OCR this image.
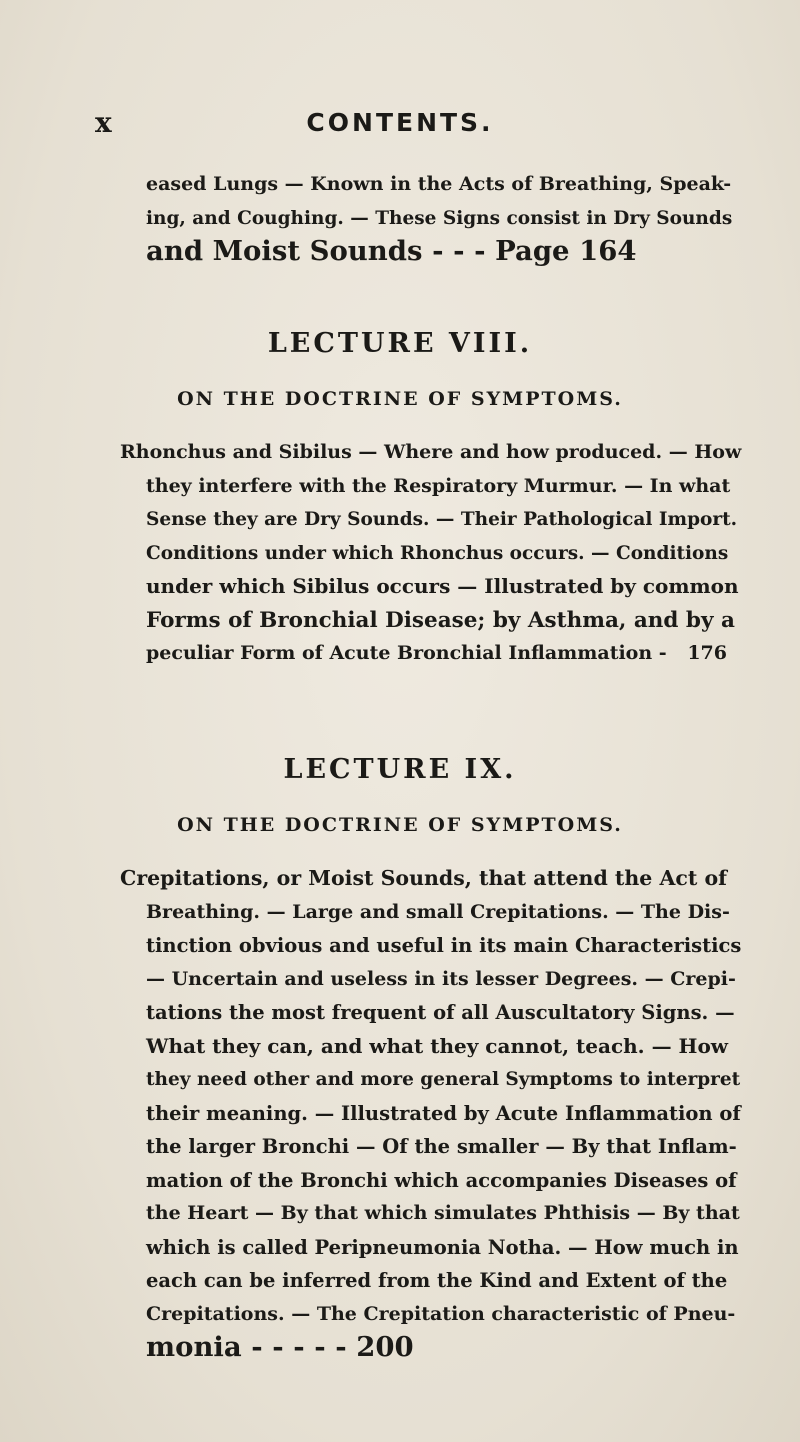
x	CONTENTS.
eased Lungs — Known in the Acts of Breathing, Speak-
ing, and Coughing. — These Signs consist in Dry Sounds
and Moist Sounds - - - Page 164
LECTURE VIII.
ON THE DOCTRINE OF SYMPTOMS.
Rhonchus and Sibilus — Where and how produced. — How
they interfere with the Respiratory Murmur. — In what
Sense they are Dry Sounds. — Their Pathological Import.
Conditions under which Rhonchus occurs. — Conditions
under which Sibilus occurs — Illustrated by common
Forms of Bronchial Disease; by Asthma, and by a
peculiar Form of Acute Bronchial Inflammation - 176
LECTURE IX.
ON THE DOCTRINE OF SYMPTOMS.
Crepitations, or Moist Sounds, that attend the Act of
Breathing. — Large and small Crepitations. — The Dis-
tinction obvious and useful in its main Characteristics
— Uncertain and useless in its lesser Degrees. — Crepi-
tations the most frequent of all Auscultatory Signs. —
What they can, and what they cannot, teach. — How
they need other and more general Symptoms to interpret
their meaning. — Illustrated by Acute Inflammation of
the larger Bronchi — Of the smaller — By that Inflam-
mation of the Bronchi which accompanies Diseases of
the Heart — By that which simulates Phthisis — By that
which is called Peripneumonia Notha. — How much in
each can be inferred from the Kind and Extent of the
Crepitations. — The Crepitation characteristic of Pneu-
monia - - - - - 200
